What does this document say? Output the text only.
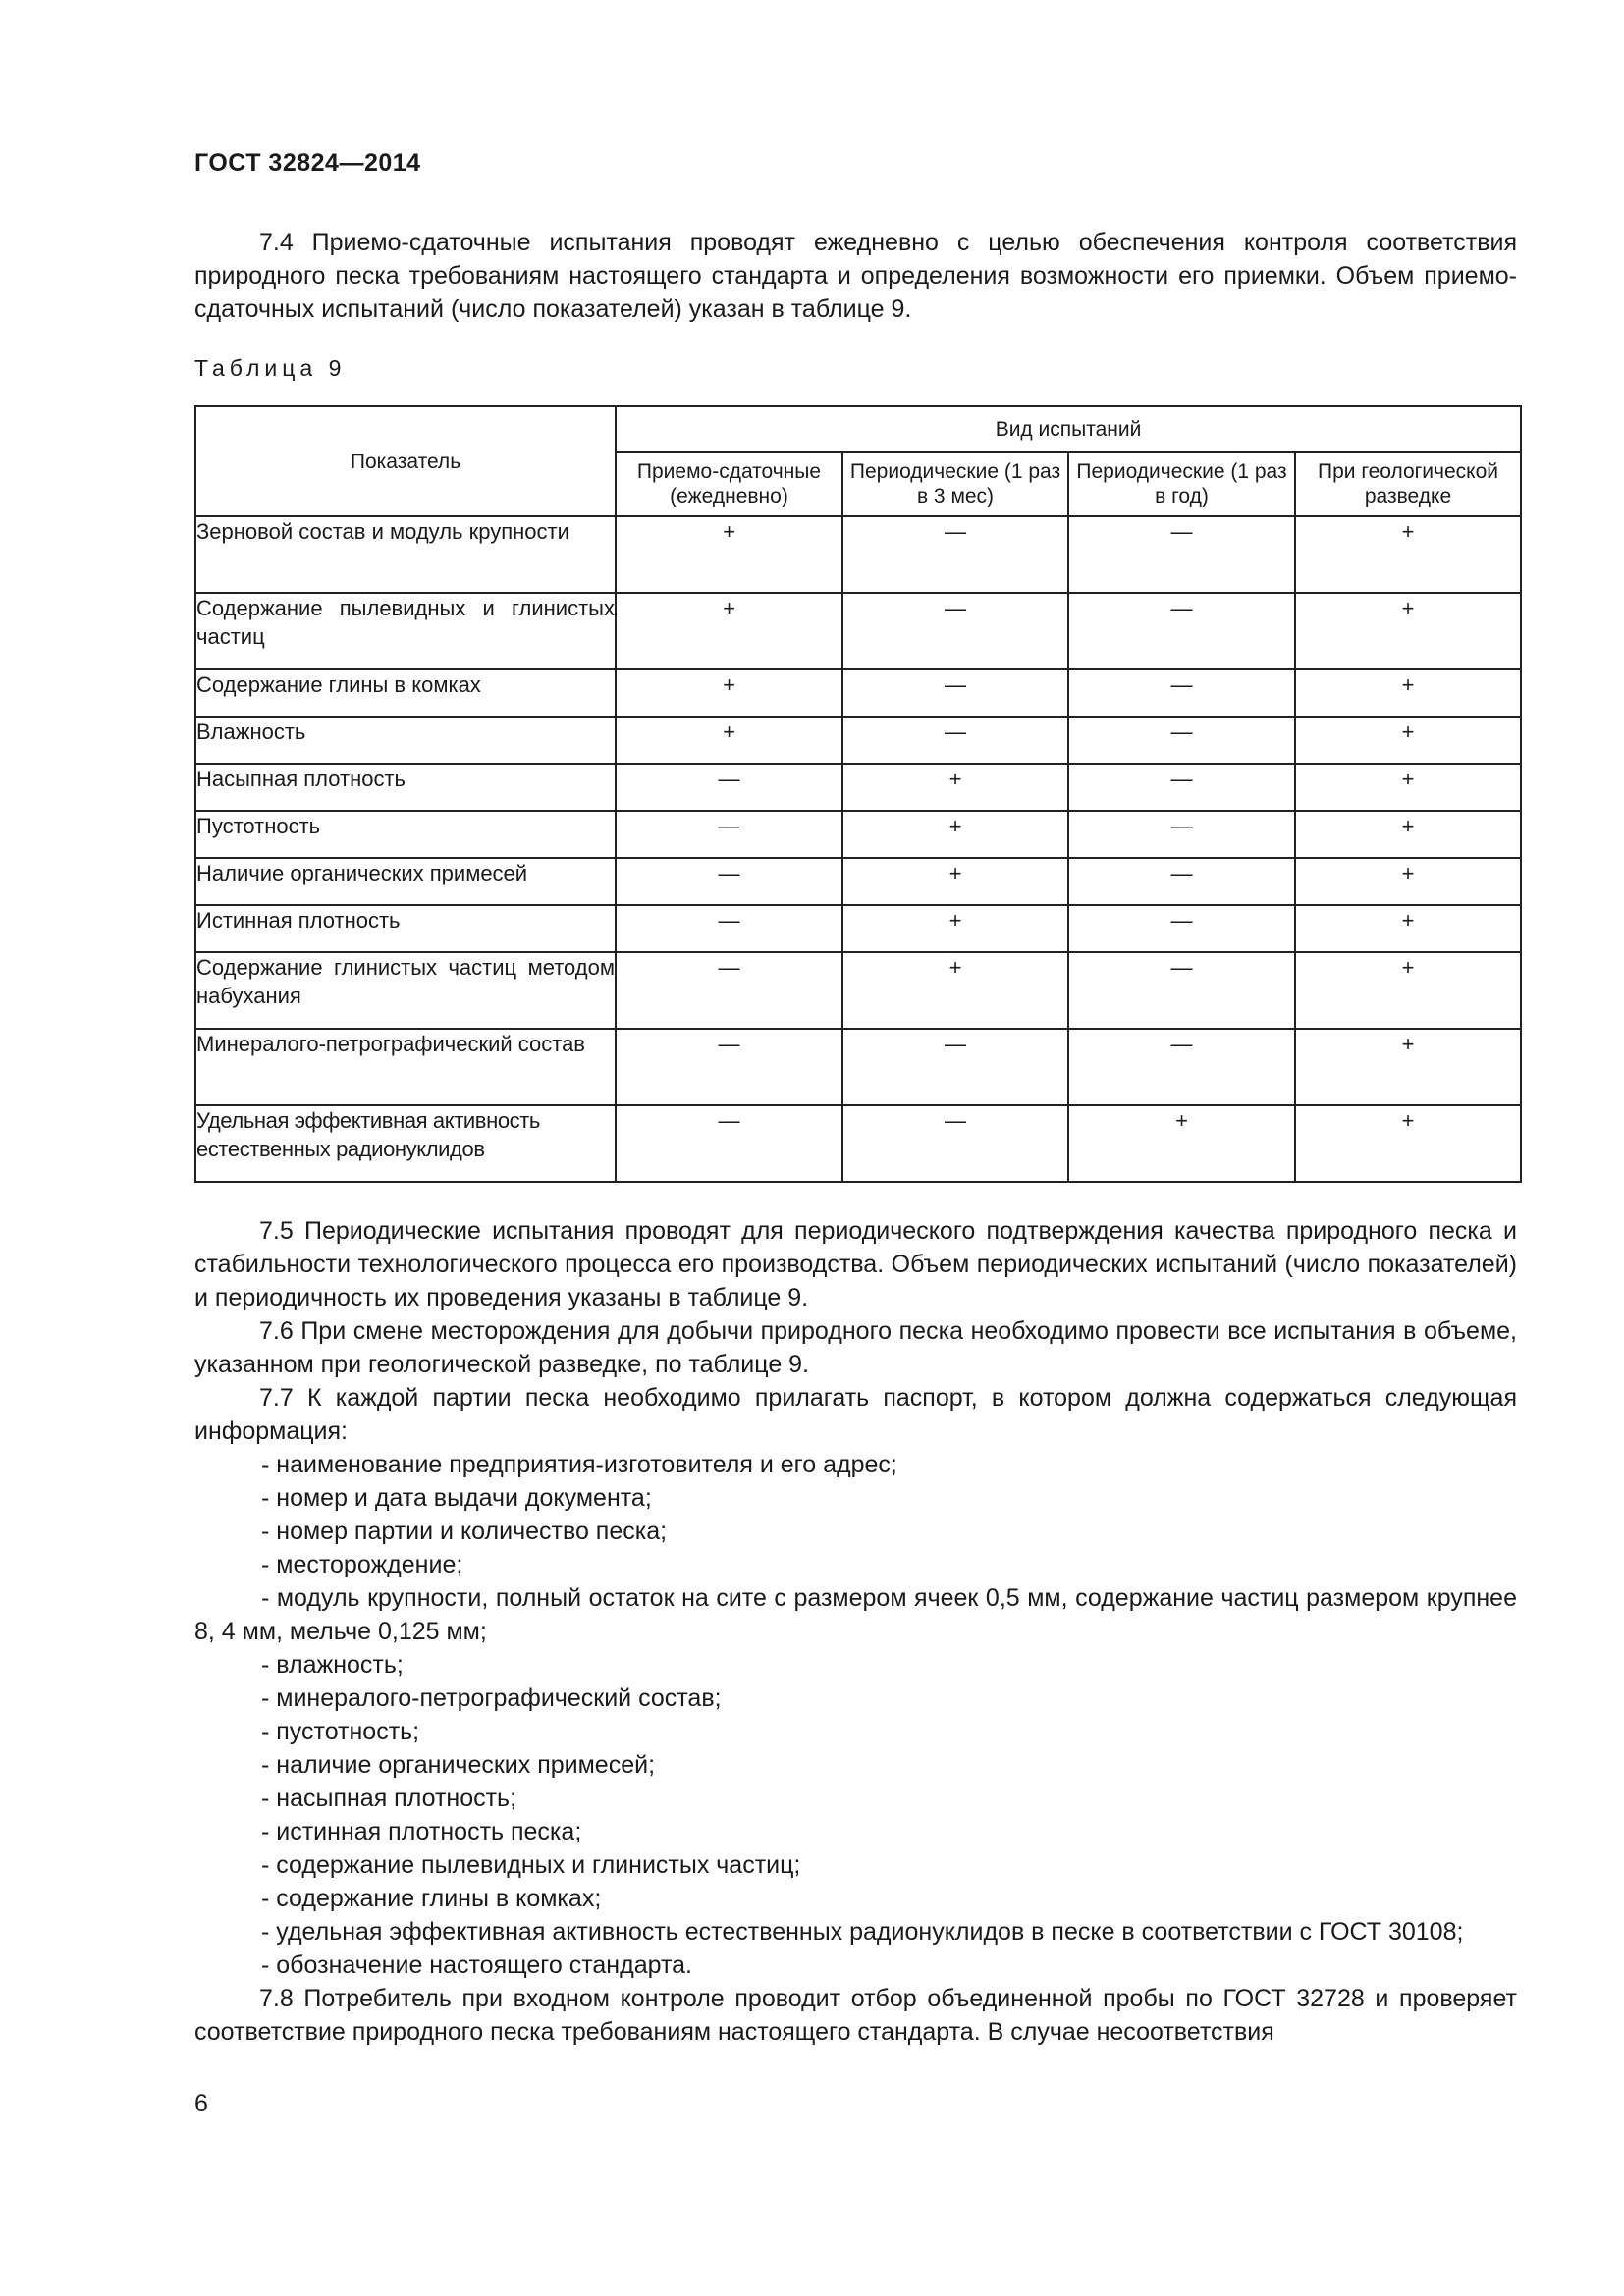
ГОСТ 32824—2014

7.4 Приемо-сдаточные испытания проводят ежедневно с целью обеспечения контроля соответствия природного песка требованиям настоящего стандарта и определения возможности его приемки. Объем приемо-сдаточных испытаний (число показателей) указан в таблице 9.

Таблица 9
Показатель	Вид испытаний			
	Приемо-сдаточные (ежедневно)	Периодические (1 раз в 3 мес)	Периодические (1 раз в год)	При геологической разведке
Зерновой состав и модуль крупности	+	—	—	+
Содержание пылевидных и глинистых частиц	+	—	—	+
Содержание глины в комках	+	—	—	+
Влажность	+	—	—	+
Насыпная плотность	—	+	—	+
Пустотность	—	+	—	+
Наличие органических примесей	—	+	—	+
Истинная плотность	—	+	—	+
Содержание глинистых частиц методом набухания	—	+	—	+
Минералого-петрографический состав	—	—	—	+
Удельная эффективная активность естественных радионуклидов	—	—	+	+

7.5 Периодические испытания проводят для периодического подтверждения качества природного песка и стабильности технологического процесса его производства. Объем периодических испытаний (число показателей) и периодичность их проведения указаны в таблице 9.

7.6 При смене месторождения для добычи природного песка необходимо провести все испытания в объеме, указанном при геологической разведке, по таблице 9.

7.7 К каждой партии песка необходимо прилагать паспорт, в котором должна содержаться следующая информация:

- наименование предприятия-изготовителя и его адрес;

- номер и дата выдачи документа;

- номер партии и количество песка;

- месторождение;

- модуль крупности, полный остаток на сите с размером ячеек 0,5 мм, содержание частиц размером крупнее 8, 4 мм, мельче 0,125 мм;

- влажность;

- минералого-петрографический состав;

- пустотность;

- наличие органических примесей;

- насыпная плотность;

- истинная плотность песка;

- содержание пылевидных и глинистых частиц;

- содержание глины в комках;

- удельная эффективная активность естественных радионуклидов в песке в соответствии с ГОСТ 30108;

- обозначение настоящего стандарта.

7.8 Потребитель при входном контроле проводит отбор объединенной пробы по ГОСТ 32728 и проверяет соответствие природного песка требованиям настоящего стандарта. В случае несоответствия

6
